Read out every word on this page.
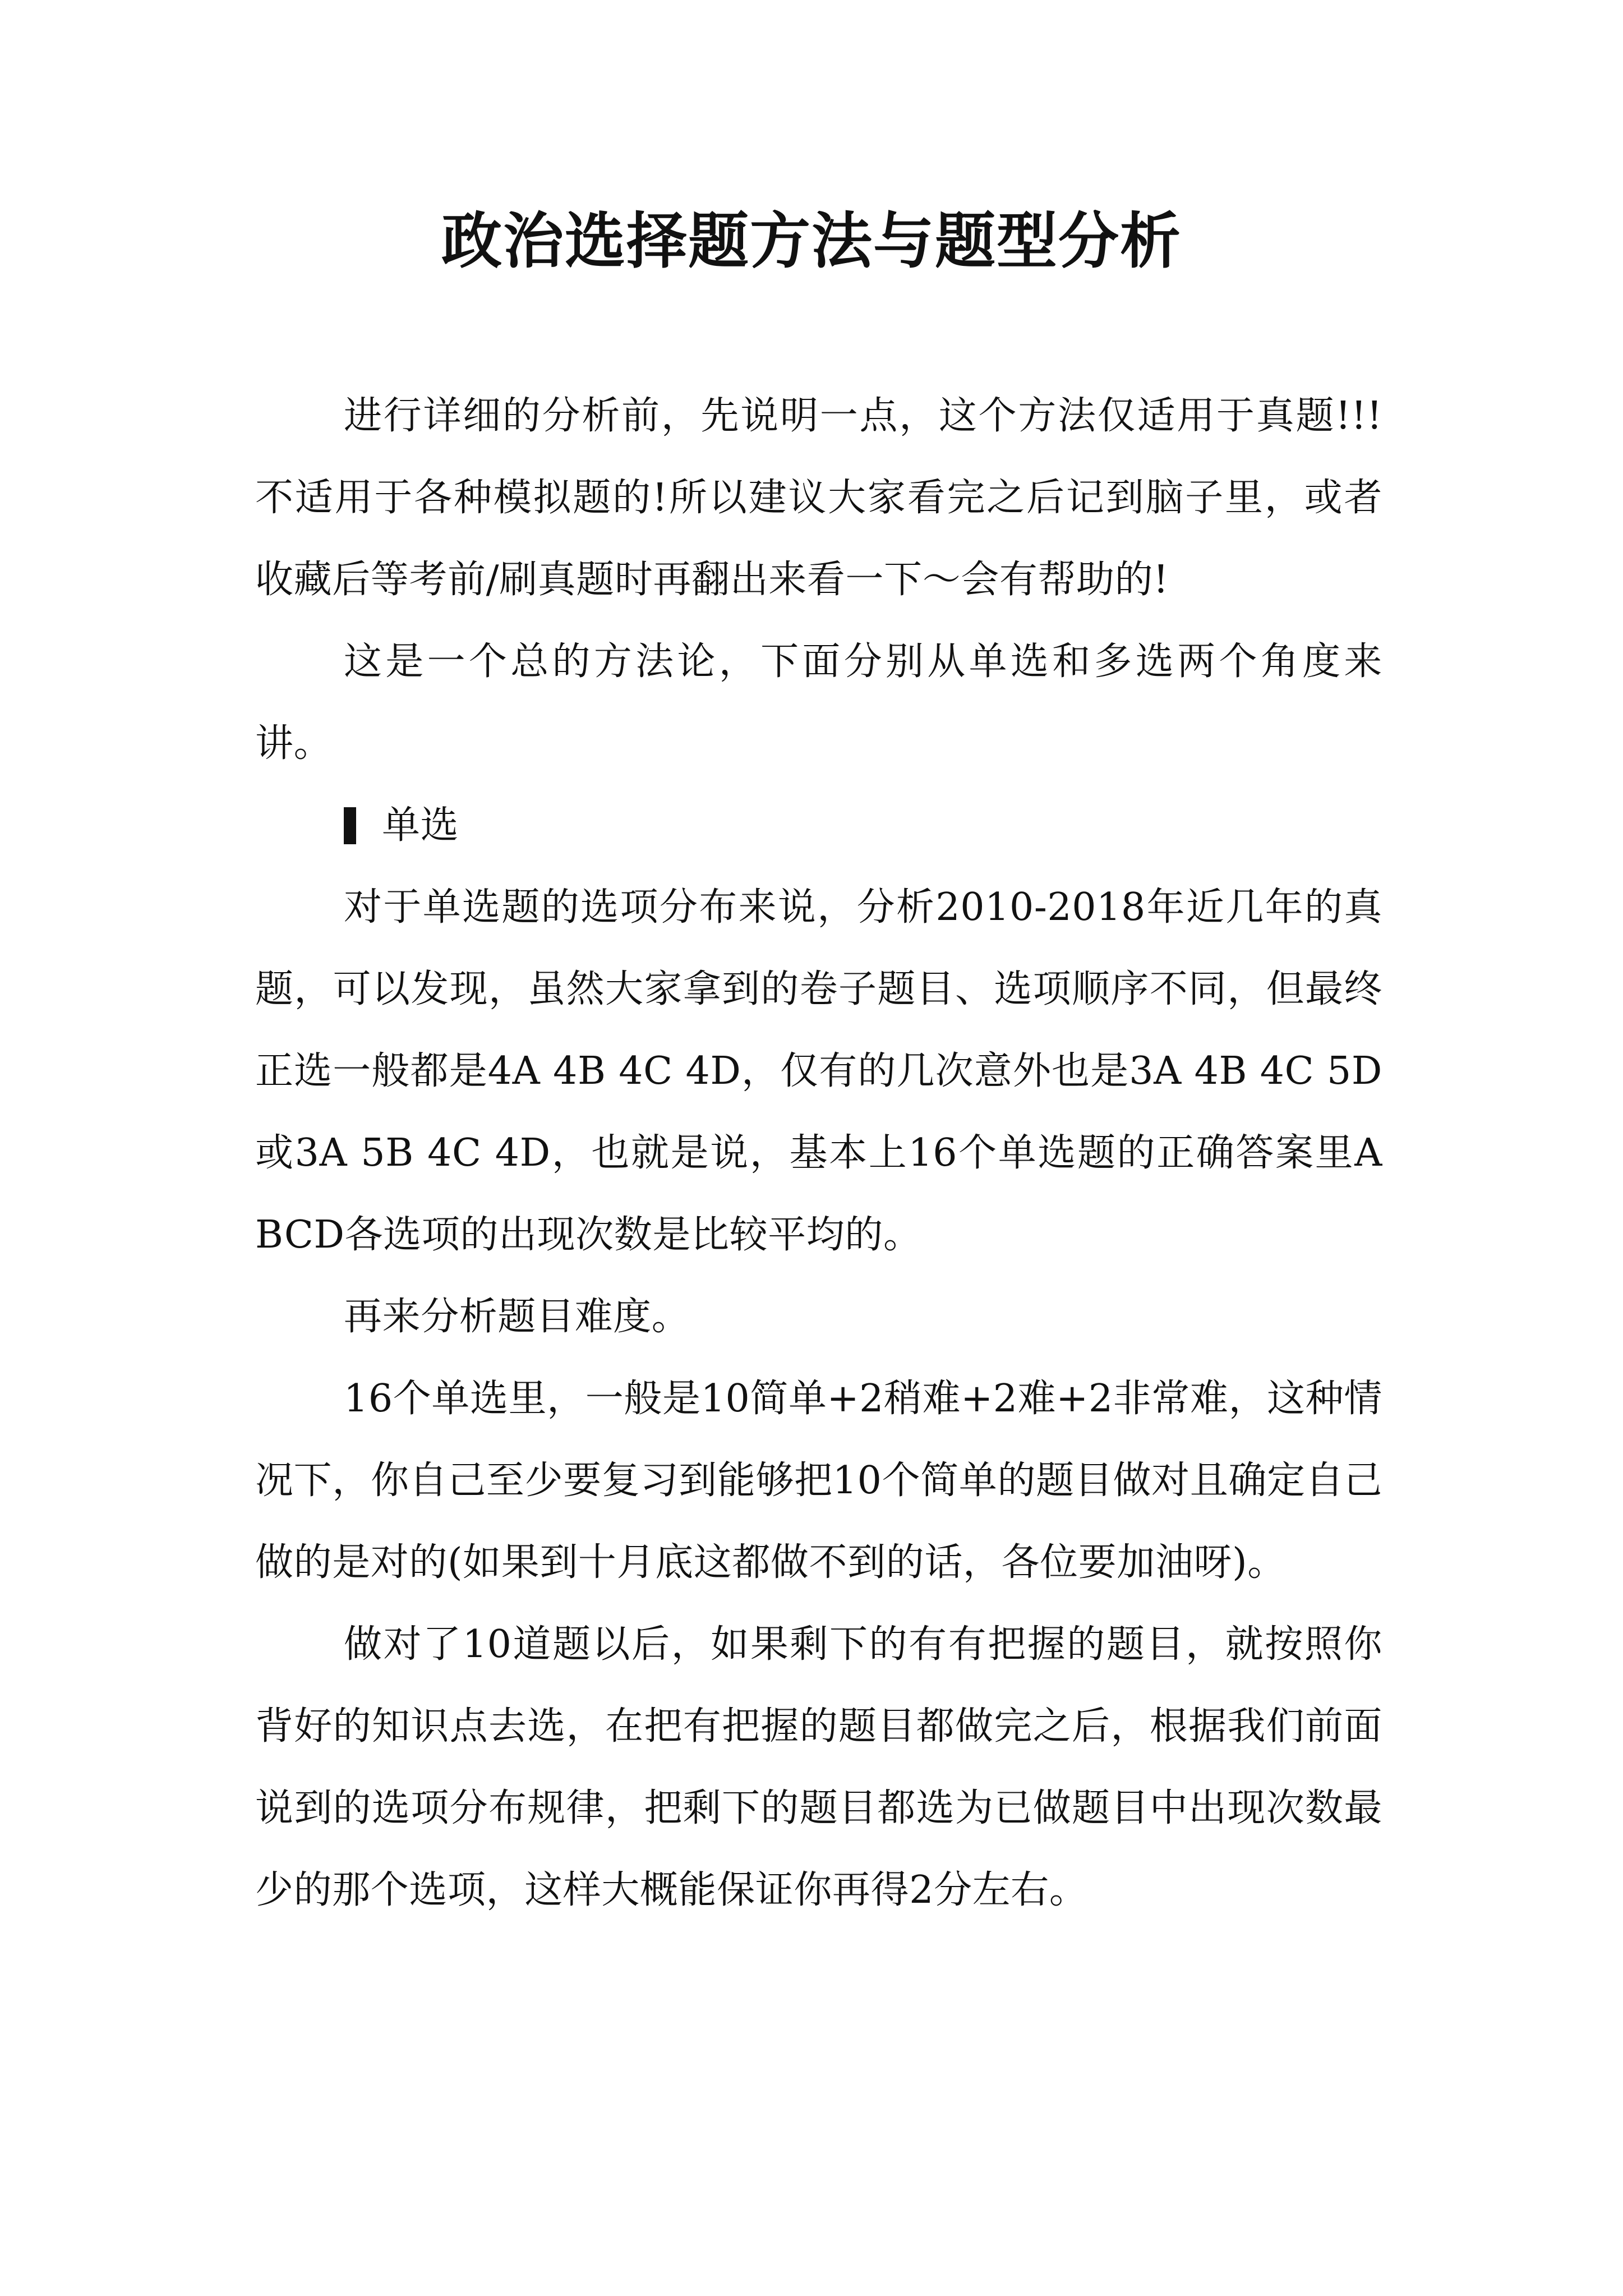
政治选择题方法与题型分析

进行详细的分析前，先说明一点，这个方法仅适用于真题!!!不适用于各种模拟题的!所以建议大家看完之后记到脑子里，或者收藏后等考前/刷真题时再翻出来看一下～会有帮助的!

这是一个总的方法论，下面分别从单选和多选两个角度来讲。

单选

对于单选题的选项分布来说，分析2010-2018年近几年的真题，可以发现，虽然大家拿到的卷子题目、选项顺序不同，但最终正选一般都是4A 4B 4C 4D，仅有的几次意外也是3A 4B 4C 5D或3A 5B 4C 4D，也就是说，基本上16个单选题的正确答案里ABCD各选项的出现次数是比较平均的。

再来分析题目难度。

16个单选里，一般是10简单+2稍难+2难+2非常难，这种情况下，你自己至少要复习到能够把10个简单的题目做对且确定自己做的是对的(如果到十月底这都做不到的话，各位要加油呀)。

做对了10道题以后，如果剩下的有有把握的题目，就按照你背好的知识点去选，在把有把握的题目都做完之后，根据我们前面说到的选项分布规律，把剩下的题目都选为已做题目中出现次数最少的那个选项，这样大概能保证你再得2分左右。
